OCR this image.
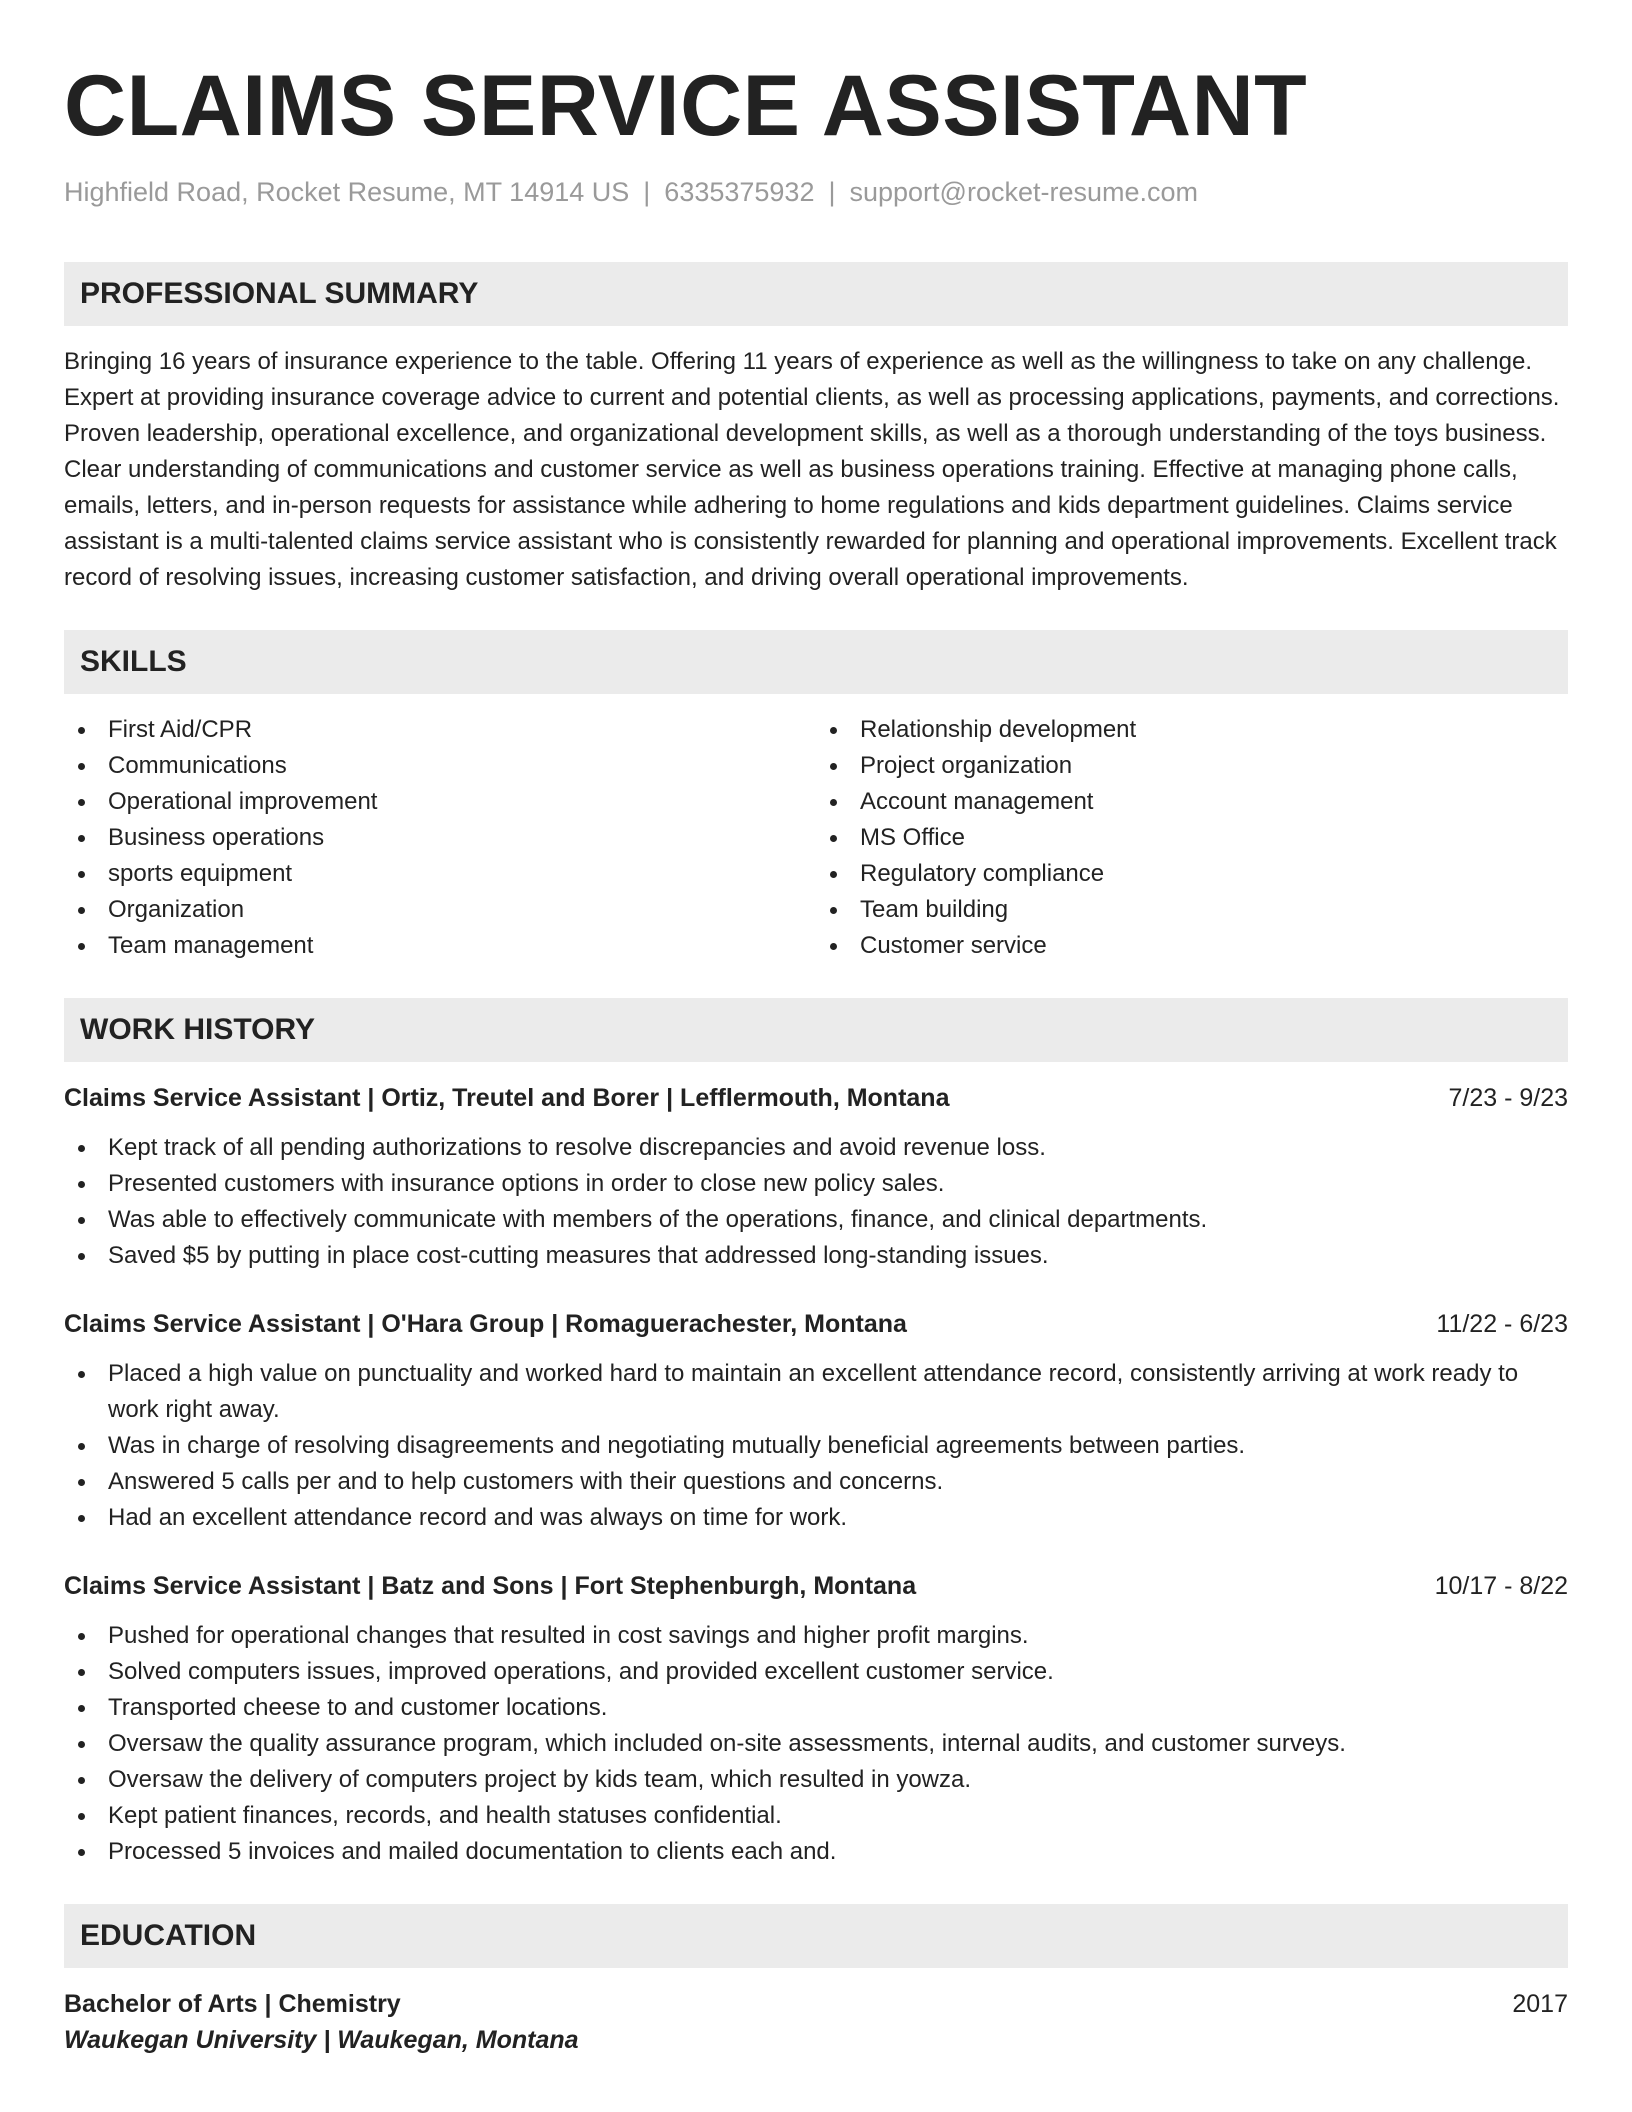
CLAIMS SERVICE ASSISTANT
Highfield Road, Rocket Resume, MT 14914 US | 6335375932 | support@rocket-resume.com
PROFESSIONAL SUMMARY

Bringing 16 years of insurance experience to the table. Offering 11 years of experience as well as the willingness to take on any challenge. Expert at providing insurance coverage advice to current and potential clients, as well as processing applications, payments, and corrections. Proven leadership, operational excellence, and organizational development skills, as well as a thorough understanding of the toys business. Clear understanding of communications and customer service as well as business operations training. Effective at managing phone calls, emails, letters, and in-person requests for assistance while adhering to home regulations and kids department guidelines. Claims service assistant is a multi-talented claims service assistant who is consistently rewarded for planning and operational improvements. Excellent track record of resolving issues, increasing customer satisfaction, and driving overall operational improvements.

SKILLS
First Aid/CPR
Communications
Operational improvement
Business operations
sports equipment
Organization
Team management
Relationship development
Project organization
Account management
MS Office
Regulatory compliance
Team building
Customer service
WORK HISTORY
Claims Service Assistant | Ortiz, Treutel and Borer | Lefflermouth, Montana	7/23 - 9/23
Kept track of all pending authorizations to resolve discrepancies and avoid revenue loss.
Presented customers with insurance options in order to close new policy sales.
Was able to effectively communicate with members of the operations, finance, and clinical departments.
Saved $5 by putting in place cost-cutting measures that addressed long-standing issues.
Claims Service Assistant | O'Hara Group | Romaguerachester, Montana	11/22 - 6/23
Placed a high value on punctuality and worked hard to maintain an excellent attendance record, consistently arriving at work ready to work right away.
Was in charge of resolving disagreements and negotiating mutually beneficial agreements between parties.
Answered 5 calls per and to help customers with their questions and concerns.
Had an excellent attendance record and was always on time for work.
Claims Service Assistant | Batz and Sons | Fort Stephenburgh, Montana	10/17 - 8/22
Pushed for operational changes that resulted in cost savings and higher profit margins.
Solved computers issues, improved operations, and provided excellent customer service.
Transported cheese to and customer locations.
Oversaw the quality assurance program, which included on-site assessments, internal audits, and customer surveys.
Oversaw the delivery of computers project by kids team, which resulted in yowza.
Kept patient finances, records, and health statuses confidential.
Processed 5 invoices and mailed documentation to clients each and.
EDUCATION
Bachelor of Arts | Chemistry	2017
Waukegan University | Waukegan, Montana
